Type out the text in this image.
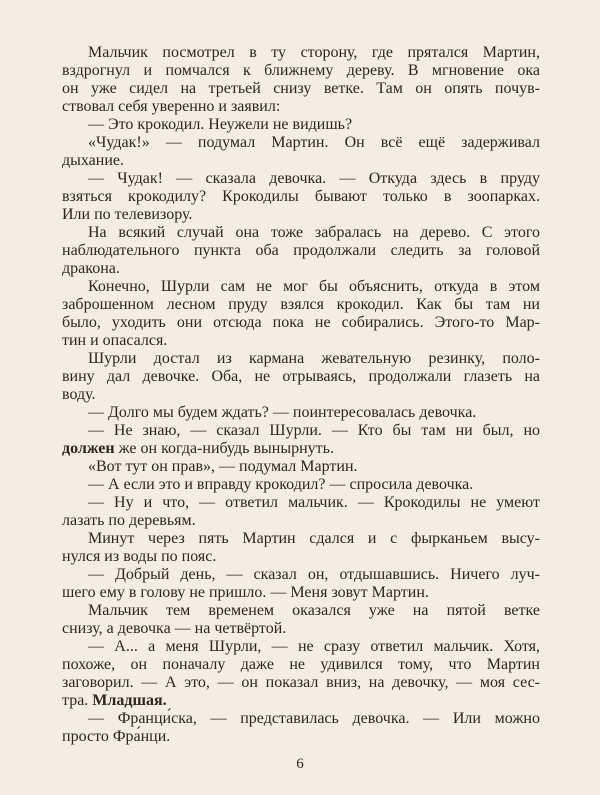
Мальчик посмотрел в ту сторону, где прятался Мартин,
вздрогнул и помчался к ближнему дереву. В мгновение ока
он уже сидел на третьей снизу ветке. Там он опять почув-
ствовал себя уверенно и заявил:
— Это крокодил. Неужели не видишь?
«Чудак!» — подумал Мартин. Он всё ещё задерживал
дыхание.
— Чудак! — сказала девочка. — Откуда здесь в пруду
взяться крокодилу? Крокодилы бывают только в зоопарках.
Или по телевизору.
На всякий случай она тоже забралась на дерево. С этого
наблюдательного пункта оба продолжали следить за головой
дракона.
Конечно, Шурли сам не мог бы объяснить, откуда в этом
заброшенном лесном пруду взялся крокодил. Как бы там ни
было, уходить они отсюда пока не собирались. Этого-то Мар-
тин и опасался.
Шурли достал из кармана жевательную резинку, поло-
вину дал девочке. Оба, не отрываясь, продолжали глазеть на
воду.
— Долго мы будем ждать? — поинтересовалась девочка.
— Не знаю, — сказал Шурли. — Кто бы там ни был, но
должен же он когда-нибудь вынырнуть.
«Вот тут он прав», — подумал Мартин.
— А если это и вправду крокодил? — спросила девочка.
— Ну и что, — ответил мальчик. — Крокодилы не умеют
лазать по деревьям.
Минут через пять Мартин сдался и с фырканьем высу-
нулся из воды по пояс.
— Добрый день, — сказал он, отдышавшись. Ничего луч-
шего ему в голову не пришло. — Меня зовут Мартин.
Мальчик тем временем оказался уже на пятой ветке
снизу, а девочка — на четвёртой.
— А... а меня Шурли, — не сразу ответил мальчик. Хотя,
похоже, он поначалу даже не удивился тому, что Мартин
заговорил. — А это, — он показал вниз, на девочку, — моя сес-
тра. Младшая.
— Франци́ска, — представилась девочка. — Или можно
просто Фра́нци.
6
